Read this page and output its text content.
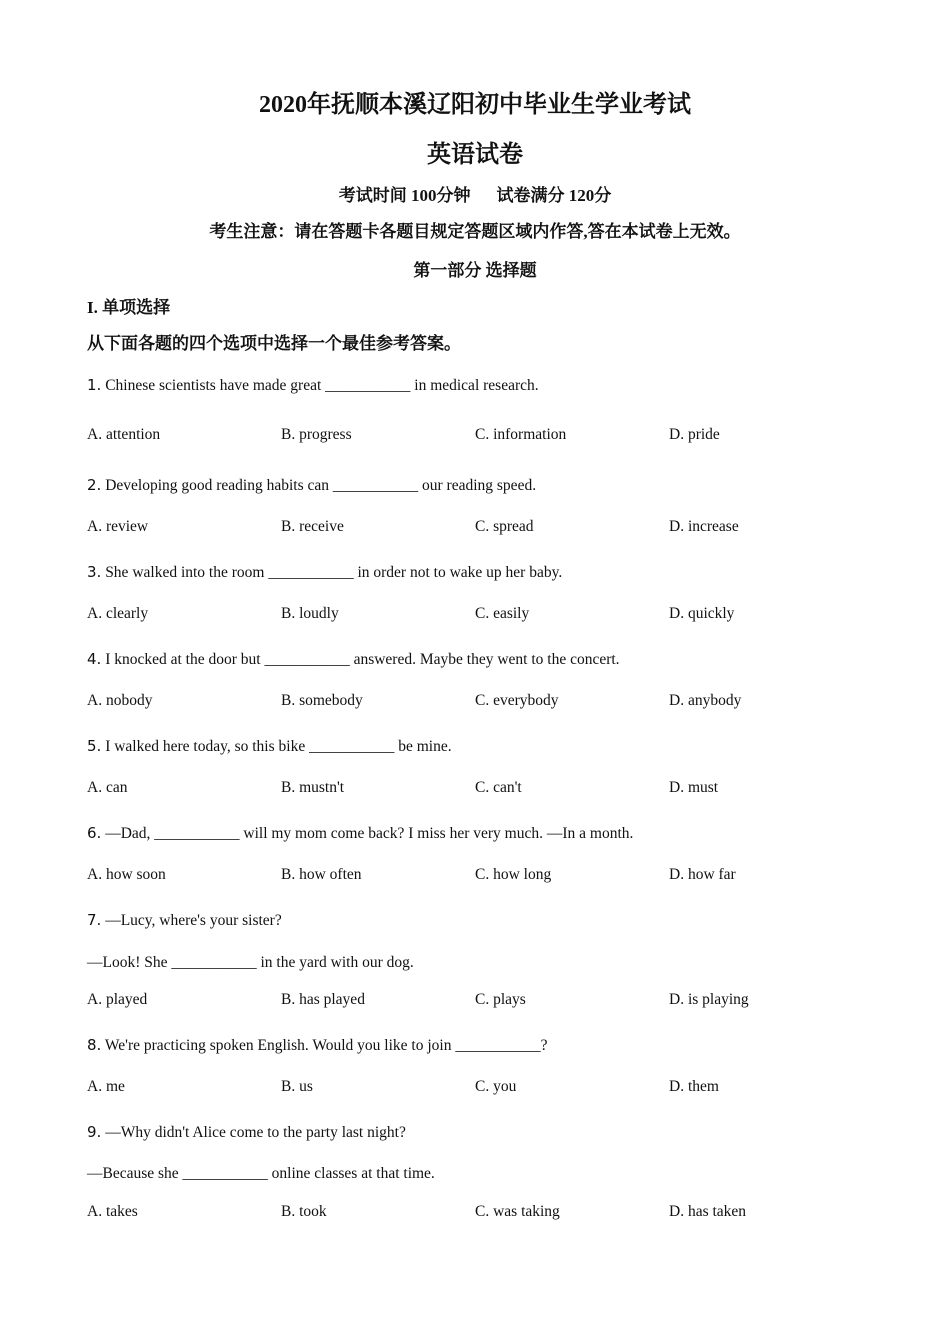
2020年抚顺本溪辽阳初中毕业生学业考试
英语试卷
考试时间 100分钟 试卷满分 120分
考生注意：请在答题卡各题目规定答题区域内作答,答在本试卷上无效。
第一部分 选择题
I. 单项选择
从下面各题的四个选项中选择一个最佳参考答案。
1. Chinese scientists have made great ___________ in medical research.
A. attention	B. progress	C. information	D. pride
2. Developing good reading habits can ___________ our reading speed.
A. review	B. receive	C. spread	D. increase
3. She walked into the room ___________ in order not to wake up her baby.
A. clearly	B. loudly	C. easily	D. quickly
4. I knocked at the door but ___________ answered. Maybe they went to the concert.
A. nobody	B. somebody	C. everybody	D. anybody
5. I walked here today, so this bike ___________ be mine.
A. can	B. mustn't	C. can't	D. must
6. —Dad, ___________ will my mom come back? I miss her very much. —In a month.
A. how soon	B. how often	C. how long	D. how far
7. —Lucy, where's your sister?
—Look! She ___________ in the yard with our dog.
A. played	B. has played	C. plays	D. is playing
8. We're practicing spoken English. Would you like to join ___________?
A. me	B. us	C. you	D. them
9. —Why didn't Alice come to the party last night?
—Because she ___________ online classes at that time.
A. takes	B. took	C. was taking	D. has taken
